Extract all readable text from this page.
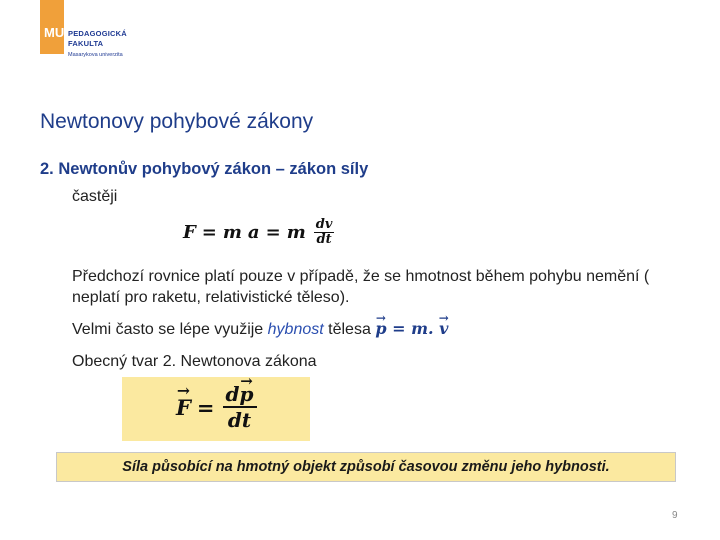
MU PEDAGOGICKÁ
FAKULTA
Masarykova univerzita
Newtonovy pohybové zákony
2. Newtonův pohybový zákon – zákon síly
častěji
F = m a = m $\frac{dv}{dt}$
Předchozí rovnice platí pouze v případě, že se hmotnost během pohybu nemění ( neplatí pro raketu, relativistické těleso).
Velmi často se lépe využije hybnost tělesa → p = m. → v
Obecný tvar 2. Newtonova zákona
→ $F = \frac{d\to p}{dt}$
Síla působící na hmotný objekt způsobí časovou změnu jeho hybnosti.
9
